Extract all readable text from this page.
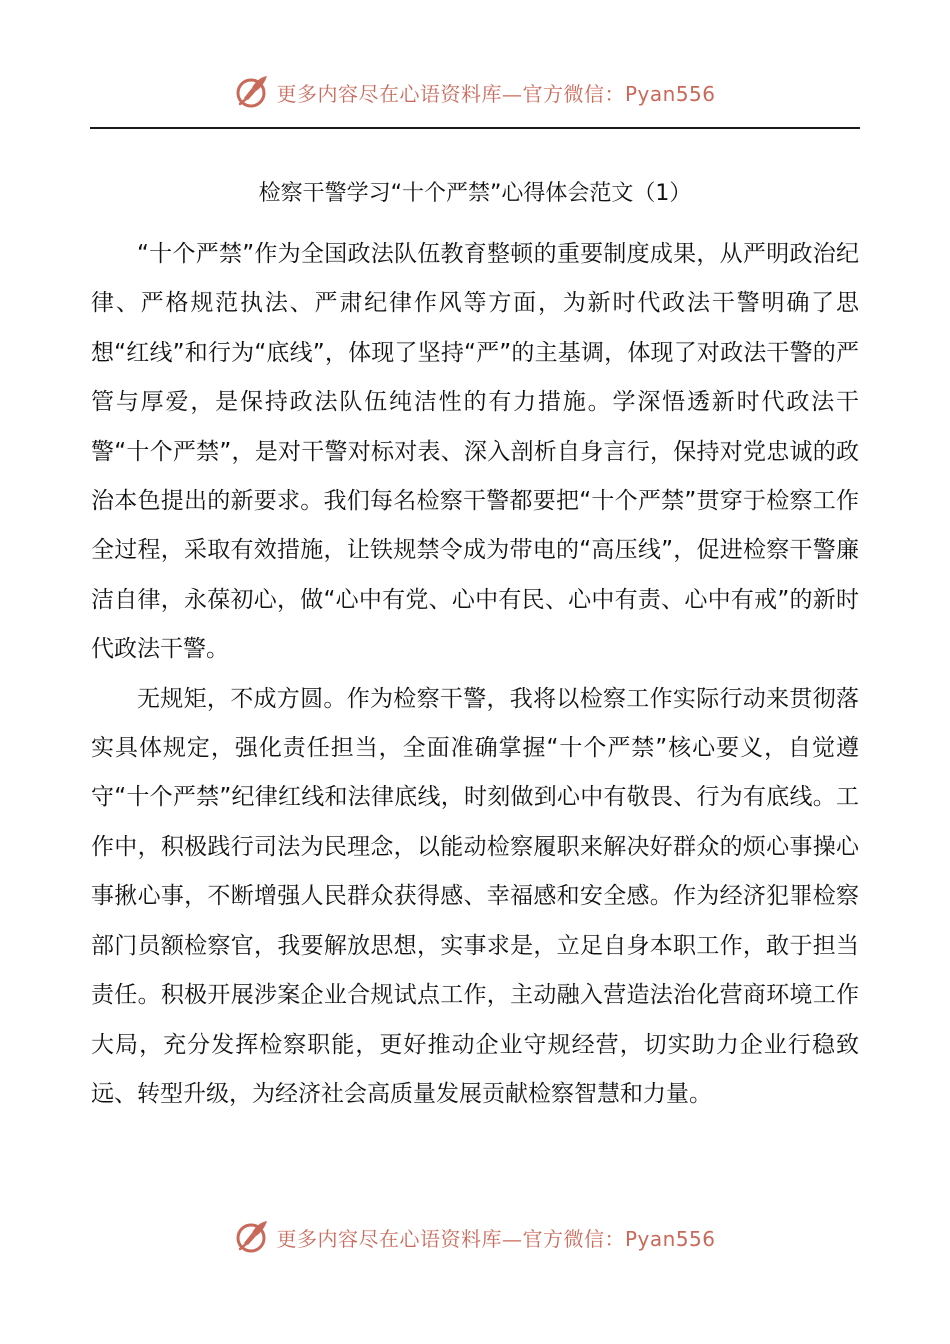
更多内容尽在心语资料库—官方微信：Pyan556
检察干警学习“十个严禁”心得体会范文（1）

“十个严禁”作为全国政法队伍教育整顿的重要制度成果，从严明政治纪律、严格规范执法、严肃纪律作风等方面，为新时代政法干警明确了思想“红线”和行为“底线”，体现了坚持“严”的主基调，体现了对政法干警的严管与厚爱，是保持政法队伍纯洁性的有力措施。学深悟透新时代政法干警“十个严禁”，是对干警对标对表、深入剖析自身言行，保持对党忠诚的政治本色提出的新要求。我们每名检察干警都要把“十个严禁”贯穿于检察工作全过程，采取有效措施，让铁规禁令成为带电的“高压线”，促进检察干警廉洁自律，永葆初心，做“心中有党、心中有民、心中有责、心中有戒”的新时代政法干警。

无规矩，不成方圆。作为检察干警，我将以检察工作实际行动来贯彻落实具体规定，强化责任担当，全面准确掌握“十个严禁”核心要义，自觉遵守“十个严禁”纪律红线和法律底线，时刻做到心中有敬畏、行为有底线。工作中，积极践行司法为民理念，以能动检察履职来解决好群众的烦心事操心事揪心事，不断增强人民群众获得感、幸福感和安全感。作为经济犯罪检察部门员额检察官，我要解放思想，实事求是，立足自身本职工作，敢于担当责任。积极开展涉案企业合规试点工作，主动融入营造法治化营商环境工作大局，充分发挥检察职能，更好推动企业守规经营，切实助力企业行稳致远、转型升级，为经济社会高质量发展贡献检察智慧和力量。

更多内容尽在心语资料库—官方微信：Pyan556
